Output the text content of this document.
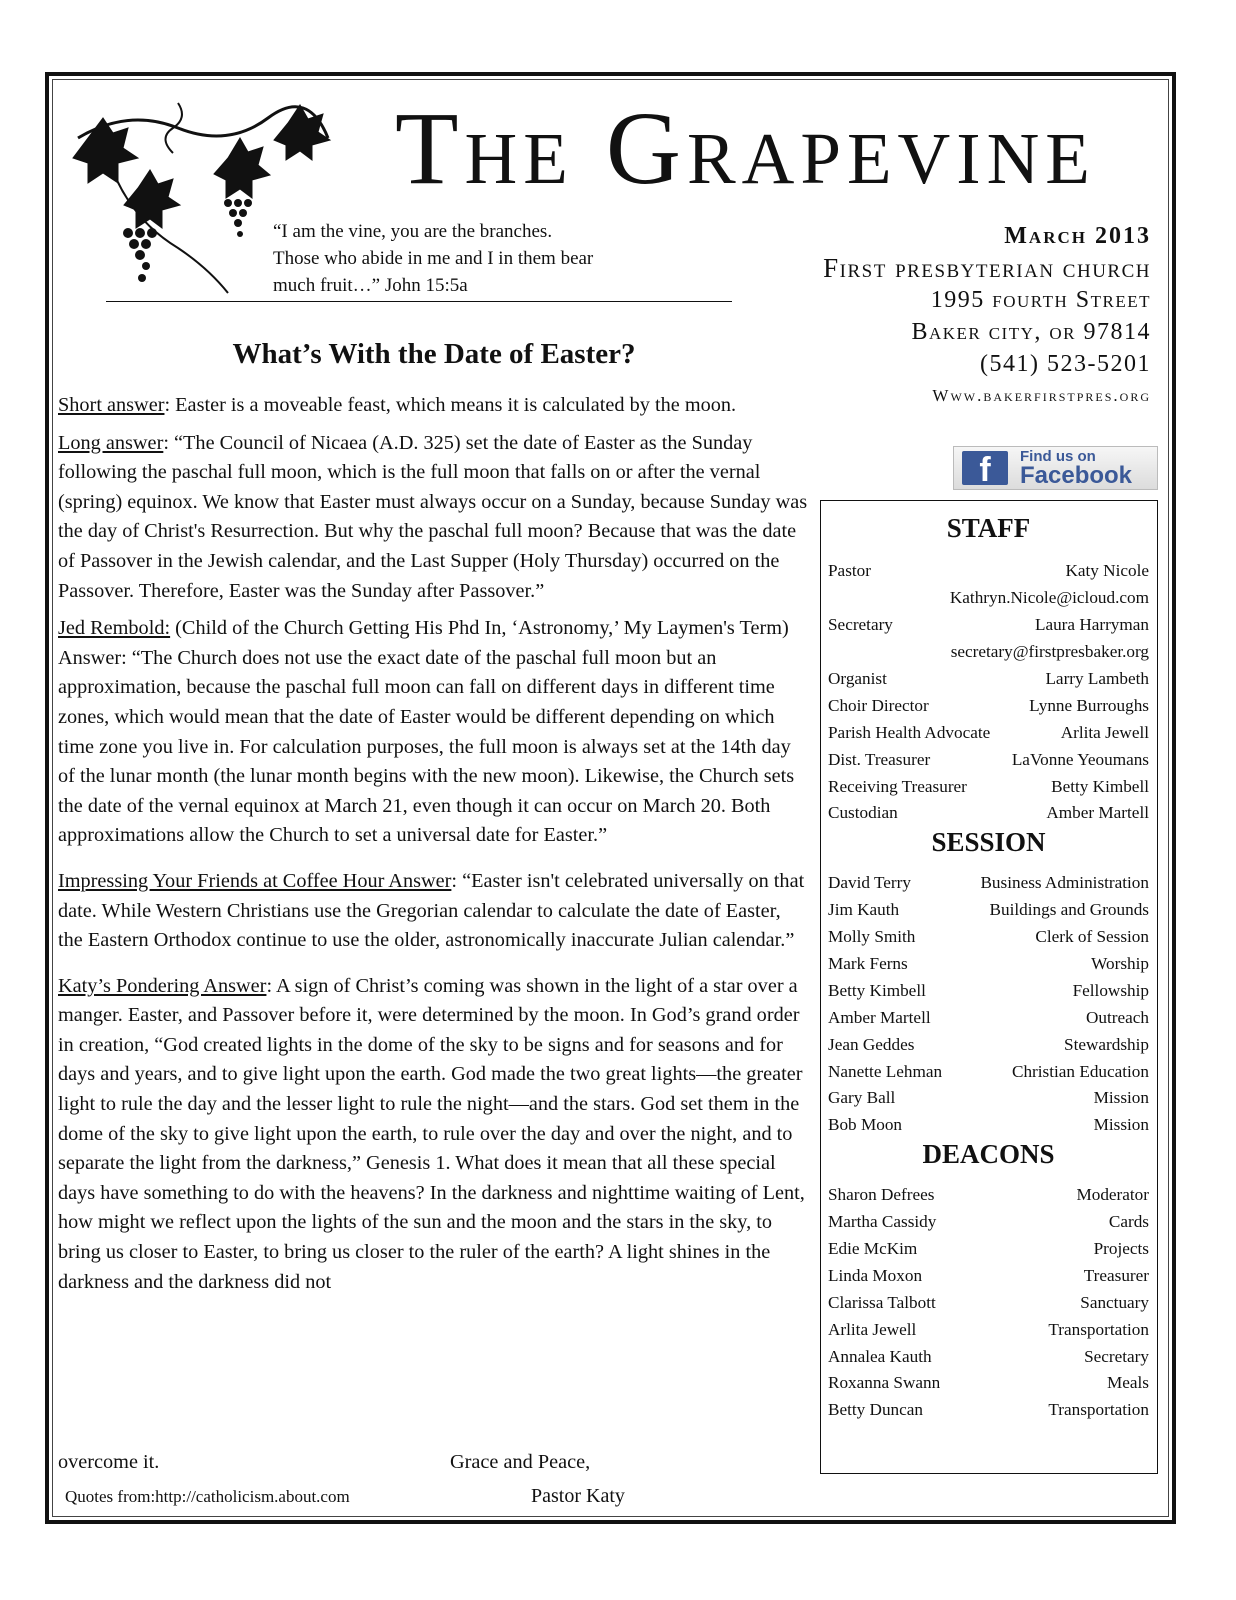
The Grapevine
“I am the vine, you are the branches.
Those who abide in me and I in them bear
much fruit…” John 15:5a
March 2013
First presbyterian church
1995 fourth Street
Baker city, or 97814
(541) 523-5201
Www.bakerfirstpres.org
f	Find us on
Facebook
What’s With the Date of Easter?

Short answer: Easter is a moveable feast, which means it is calculated by the moon.

Long answer: “The Council of Nicaea (A.D. 325) set the date of Easter as the Sunday following the paschal full moon, which is the full moon that falls on or after the vernal (spring) equinox. We know that Easter must always occur on a Sunday, because Sunday was the day of Christ's Resurrection. But why the paschal full moon? Because that was the date of Passover in the Jewish calendar, and the Last Supper (Holy Thursday) occurred on the Passover. Therefore, Easter was the Sunday after Passover.”

Jed Rembold: (Child of the Church Getting His Phd In, ‘Astronomy,’ My Laymen's Term) Answer: “The Church does not use the exact date of the paschal full moon but an approximation, because the paschal full moon can fall on different days in different time zones, which would mean that the date of Easter would be different depending on which time zone you live in. For calculation purposes, the full moon is always set at the 14th day of the lunar month (the lunar month begins with the new moon). Likewise, the Church sets the date of the vernal equinox at March 21, even though it can occur on March 20. Both approximations allow the Church to set a universal date for Easter.”

Impressing Your Friends at Coffee Hour Answer: “Easter isn't celebrated universally on that date. While Western Christians use the Gregorian calendar to calculate the date of Easter, the Eastern Orthodox continue to use the older, astronomically inaccurate Julian calendar.”

Katy’s Pondering Answer: A sign of Christ’s coming was shown in the light of a star over a manger. Easter, and Passover before it, were determined by the moon. In God’s grand order in creation, “God created lights in the dome of the sky to be signs and for seasons and for days and years, and to give light upon the earth. God made the two great lights—the greater light to rule the day and the lesser light to rule the night—and the stars. God set them in the dome of the sky to give light upon the earth, to rule over the day and over the night, and to separate the light from the darkness,” Genesis 1. What does it mean that all these special days have something to do with the heavens? In the darkness and nighttime waiting of Lent, how might we reflect upon the lights of the sun and the moon and the stars in the sky, to bring us closer to Easter, to bring us closer to the ruler of the earth? A light shines in the darkness and the darkness did not

overcome it.	Grace and Peace,
Quotes from:http://catholicism.about.com	Pastor Katy
STAFF
Pastor	Katy Nicole
Kathryn.Nicole@icloud.com
Secretary	Laura Harryman
secretary@firstpresbaker.org
Organist	Larry Lambeth
Choir Director	Lynne Burroughs
Parish Health Advocate	Arlita Jewell
Dist. Treasurer	LaVonne Yeoumans
Receiving Treasurer	Betty Kimbell
Custodian	Amber Martell
SESSION
David Terry	Business Administration
Jim Kauth	Buildings and Grounds
Molly Smith	Clerk of Session
Mark Ferns	Worship
Betty Kimbell	Fellowship
Amber Martell	Outreach
Jean Geddes	Stewardship
Nanette Lehman	Christian Education
Gary Ball	Mission
Bob Moon	Mission
DEACONS
Sharon Defrees	Moderator
Martha Cassidy	Cards
Edie McKim	Projects
Linda Moxon	Treasurer
Clarissa Talbott	Sanctuary
Arlita Jewell	Transportation
Annalea Kauth	Secretary
Roxanna Swann	Meals
Betty Duncan	Transportation
